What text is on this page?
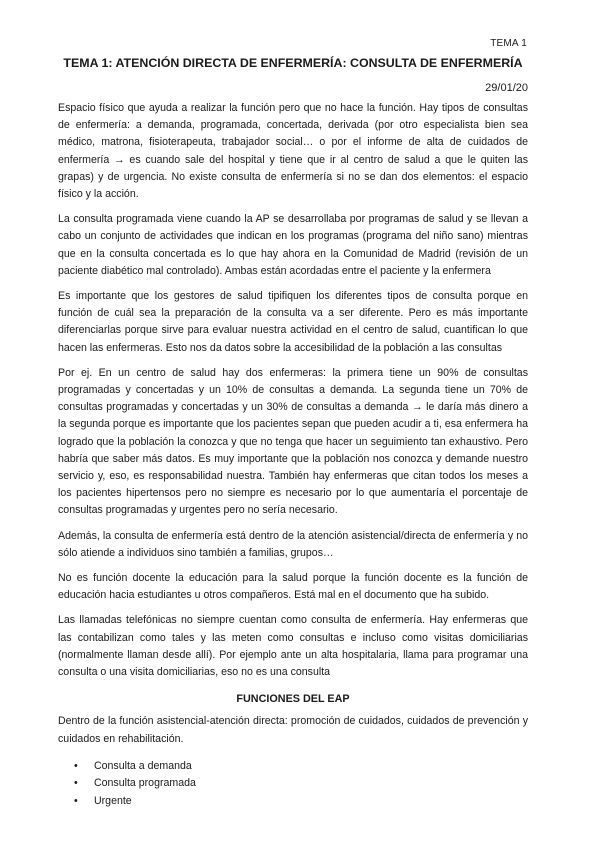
TEMA 1
TEMA 1: ATENCIÓN DIRECTA DE ENFERMERÍA: CONSULTA DE ENFERMERÍA
29/01/20

Espacio físico que ayuda a realizar la función pero que no hace la función. Hay tipos de consultas de enfermería: a demanda, programada, concertada, derivada (por otro especialista bien sea médico, matrona, fisioterapeuta, trabajador social… o por el informe de alta de cuidados de enfermería → es cuando sale del hospital y tiene que ir al centro de salud a que le quiten las grapas) y de urgencia. No existe consulta de enfermería si no se dan dos elementos: el espacio físico y la acción.

La consulta programada viene cuando la AP se desarrollaba por programas de salud y se llevan a cabo un conjunto de actividades que indican en los programas (programa del niño sano) mientras que en la consulta concertada es lo que hay ahora en la Comunidad de Madrid (revisión de un paciente diabético mal controlado). Ambas están acordadas entre el paciente y la enfermera

Es importante que los gestores de salud tipifiquen los diferentes tipos de consulta porque en función de cuál sea la preparación de la consulta va a ser diferente. Pero es más importante diferenciarlas porque sirve para evaluar nuestra actividad en el centro de salud, cuantifican lo que hacen las enfermeras. Esto nos da datos sobre la accesibilidad de la población a las consultas

Por ej. En un centro de salud hay dos enfermeras: la primera tiene un 90% de consultas programadas y concertadas y un 10% de consultas a demanda. La segunda tiene un 70% de consultas programadas y concertadas y un 30% de consultas a demanda → le daría más dinero a la segunda porque es importante que los pacientes sepan que pueden acudir a ti, esa enfermera ha logrado que la población la conozca y que no tenga que hacer un seguimiento tan exhaustivo. Pero habría que saber más datos. Es muy importante que la población nos conozca y demande nuestro servicio y, eso, es responsabilidad nuestra. También hay enfermeras que citan todos los meses a los pacientes hipertensos pero no siempre es necesario por lo que aumentaría el porcentaje de consultas programadas y urgentes pero no sería necesario.

Además, la consulta de enfermería está dentro de la atención asistencial/directa de enfermería y no sólo atiende a individuos sino también a familias, grupos…

No es función docente la educación para la salud porque la función docente es la función de educación hacia estudiantes u otros compañeros. Está mal en el documento que ha subido.

Las llamadas telefónicas no siempre cuentan como consulta de enfermería. Hay enfermeras que las contabilizan como tales y las meten como consultas e incluso como visitas domiciliarias (normalmente llaman desde allí). Por ejemplo ante un alta hospitalaria, llama para programar una consulta o una visita domiciliarias, eso no es una consulta

FUNCIONES DEL EAP

Dentro de la función asistencial-atención directa: promoción de cuidados, cuidados de prevención y cuidados en rehabilitación.

• Consulta a demanda
• Consulta programada
• Urgente
